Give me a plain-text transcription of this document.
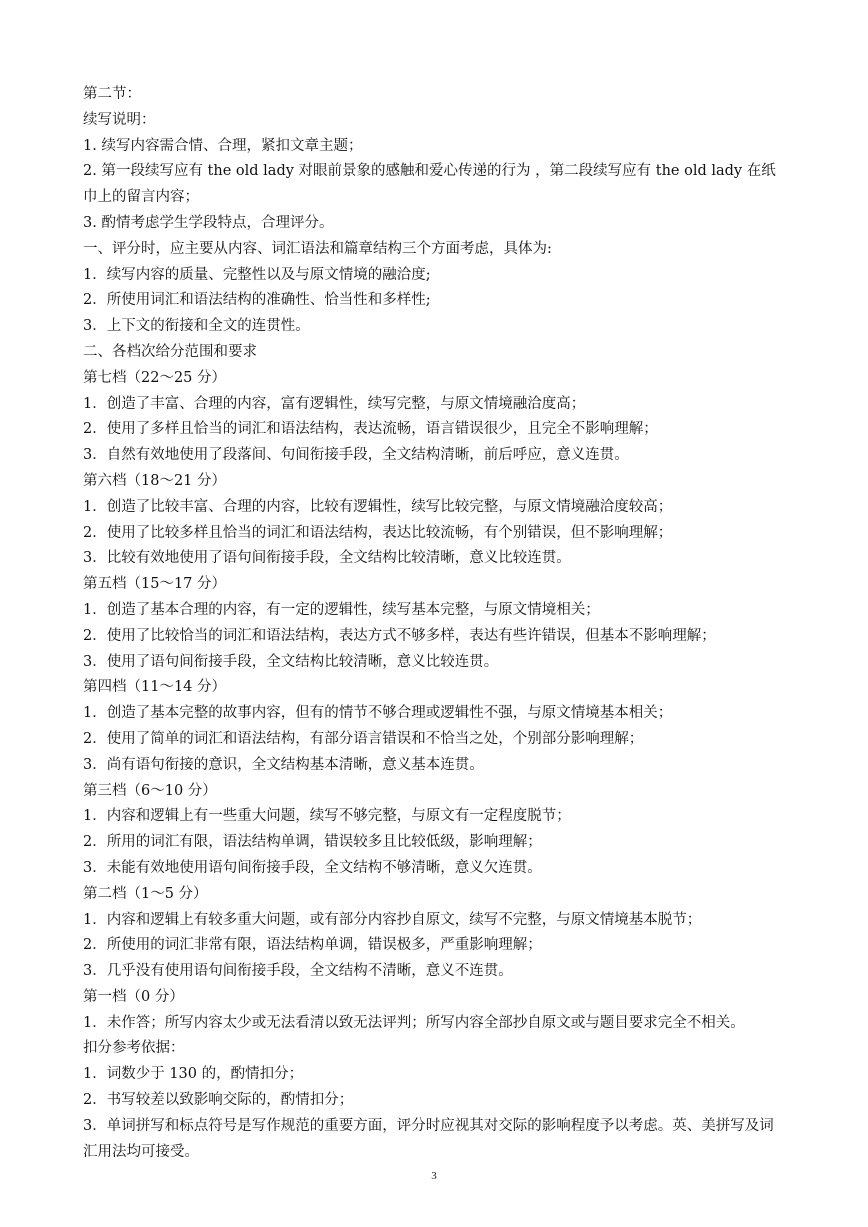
第二节：
续写说明：
1. 续写内容需合情、合理，紧扣文章主题；
2. 第一段续写应有 the old lady 对眼前景象的感触和爱心传递的行为 ，第二段续写应有 the old lady 在纸巾上的留言内容；
3. 酌情考虑学生学段特点，合理评分。
一、评分时，应主要从内容、词汇语法和篇章结构三个方面考虑，具体为:
1．续写内容的质量、完整性以及与原文情境的融洽度;
2．所使用词汇和语法结构的准确性、恰当性和多样性;
3．上下文的衔接和全文的连贯性。
二、各档次给分范围和要求
第七档（22～25 分）
1．创造了丰富、合理的内容，富有逻辑性，续写完整，与原文情境融洽度高；
2．使用了多样且恰当的词汇和语法结构，表达流畅，语言错误很少，且完全不影响理解；
3．自然有效地使用了段落间、句间衔接手段，全文结构清晰，前后呼应，意义连贯。
第六档（18～21 分）
1．创造了比较丰富、合理的内容，比较有逻辑性，续写比较完整，与原文情境融洽度较高；
2．使用了比较多样且恰当的词汇和语法结构，表达比较流畅，有个别错误，但不影响理解；
3．比较有效地使用了语句间衔接手段，全文结构比较清晰，意义比较连贯。
第五档（15～17 分）
1．创造了基本合理的内容，有一定的逻辑性，续写基本完整，与原文情境相关；
2．使用了比较恰当的词汇和语法结构，表达方式不够多样，表达有些许错误，但基本不影响理解；
3．使用了语句间衔接手段，全文结构比较清晰，意义比较连贯。
第四档（11～14 分）
1．创造了基本完整的故事内容，但有的情节不够合理或逻辑性不强，与原文情境基本相关；
2．使用了简单的词汇和语法结构，有部分语言错误和不恰当之处，个别部分影响理解；
3．尚有语句衔接的意识，全文结构基本清晰，意义基本连贯。
第三档（6～10 分）
1．内容和逻辑上有一些重大问题，续写不够完整，与原文有一定程度脱节；
2．所用的词汇有限，语法结构单调，错误较多且比较低级，影响理解；
3．未能有效地使用语句间衔接手段，全文结构不够清晰，意义欠连贯。
第二档（1～5 分）
1．内容和逻辑上有较多重大问题，或有部分内容抄自原文，续写不完整，与原文情境基本脱节；
2．所使用的词汇非常有限，语法结构单调，错误极多，严重影响理解；
3．几乎没有使用语句间衔接手段，全文结构不清晰，意义不连贯。
第一档（0 分）
1．未作答；所写内容太少或无法看清以致无法评判；所写内容全部抄自原文或与题目要求完全不相关。
扣分参考依据：
1．词数少于 130 的，酌情扣分；
2．书写较差以致影响交际的，酌情扣分；
3．单词拼写和标点符号是写作规范的重要方面，评分时应视其对交际的影响程度予以考虑。英、美拼写及词汇用法均可接受。
3
